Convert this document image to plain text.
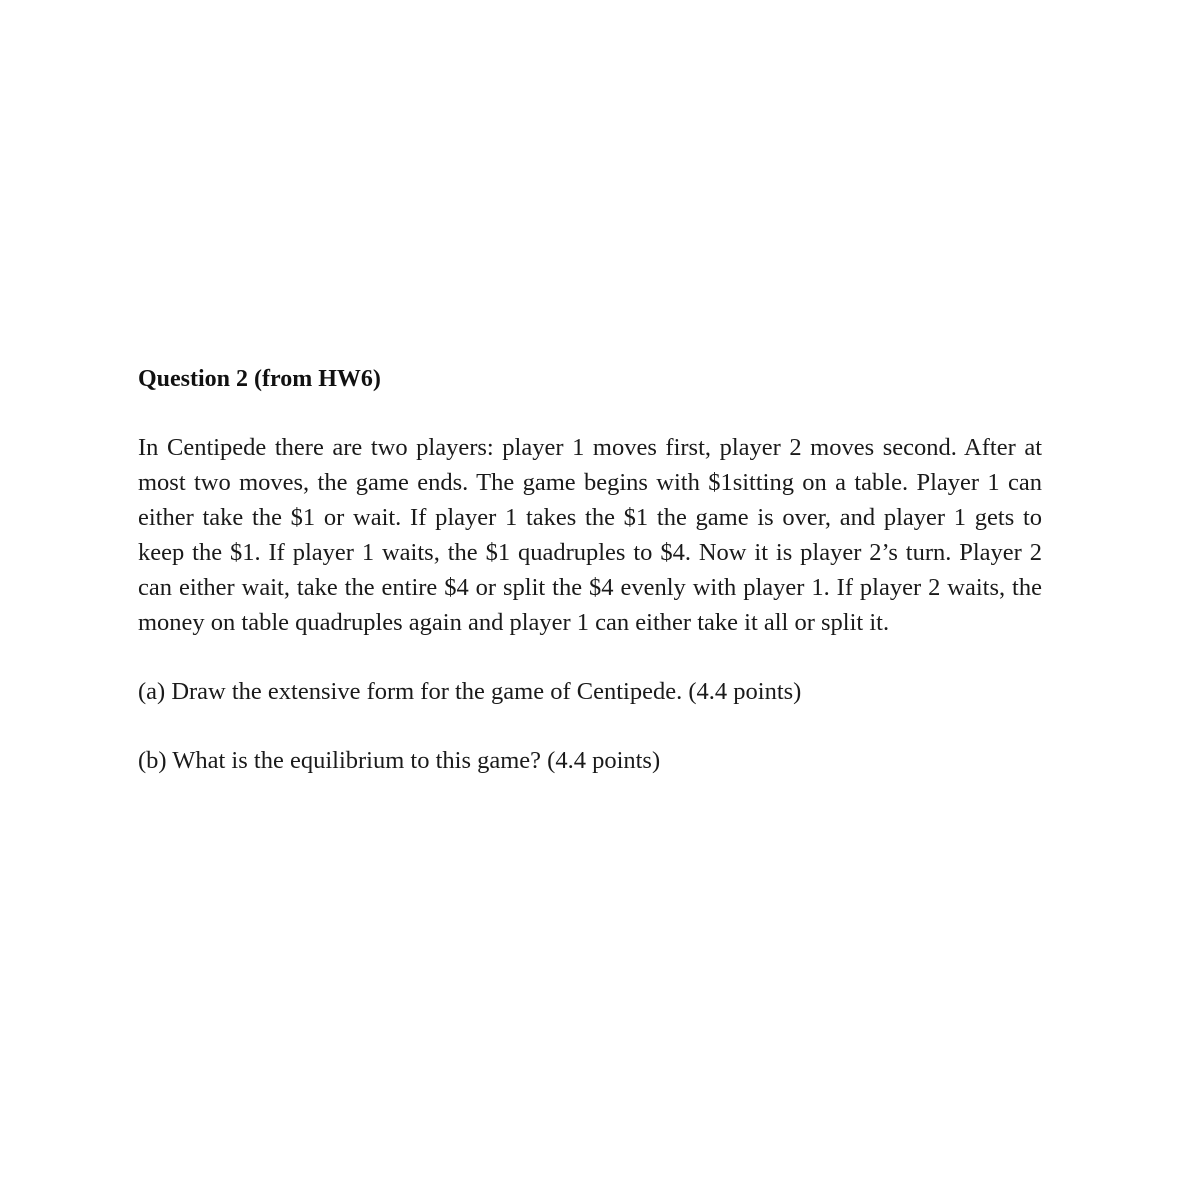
Question 2 (from HW6)

In Centipede there are two players: player 1 moves first, player 2 moves second. After at most two moves, the game ends. The game begins with $1sitting on a table. Player 1 can either take the $1 or wait. If player 1 takes the $1 the game is over, and player 1 gets to keep the $1. If player 1 waits, the $1 quadruples to $4. Now it is player 2’s turn. Player 2 can either wait, take the entire $4 or split the $4 evenly with player 1. If player 2 waits, the money on table quadruples again and player 1 can either take it all or split it.

(a) Draw the extensive form for the game of Centipede. (4.4 points)

(b) What is the equilibrium to this game? (4.4 points)
